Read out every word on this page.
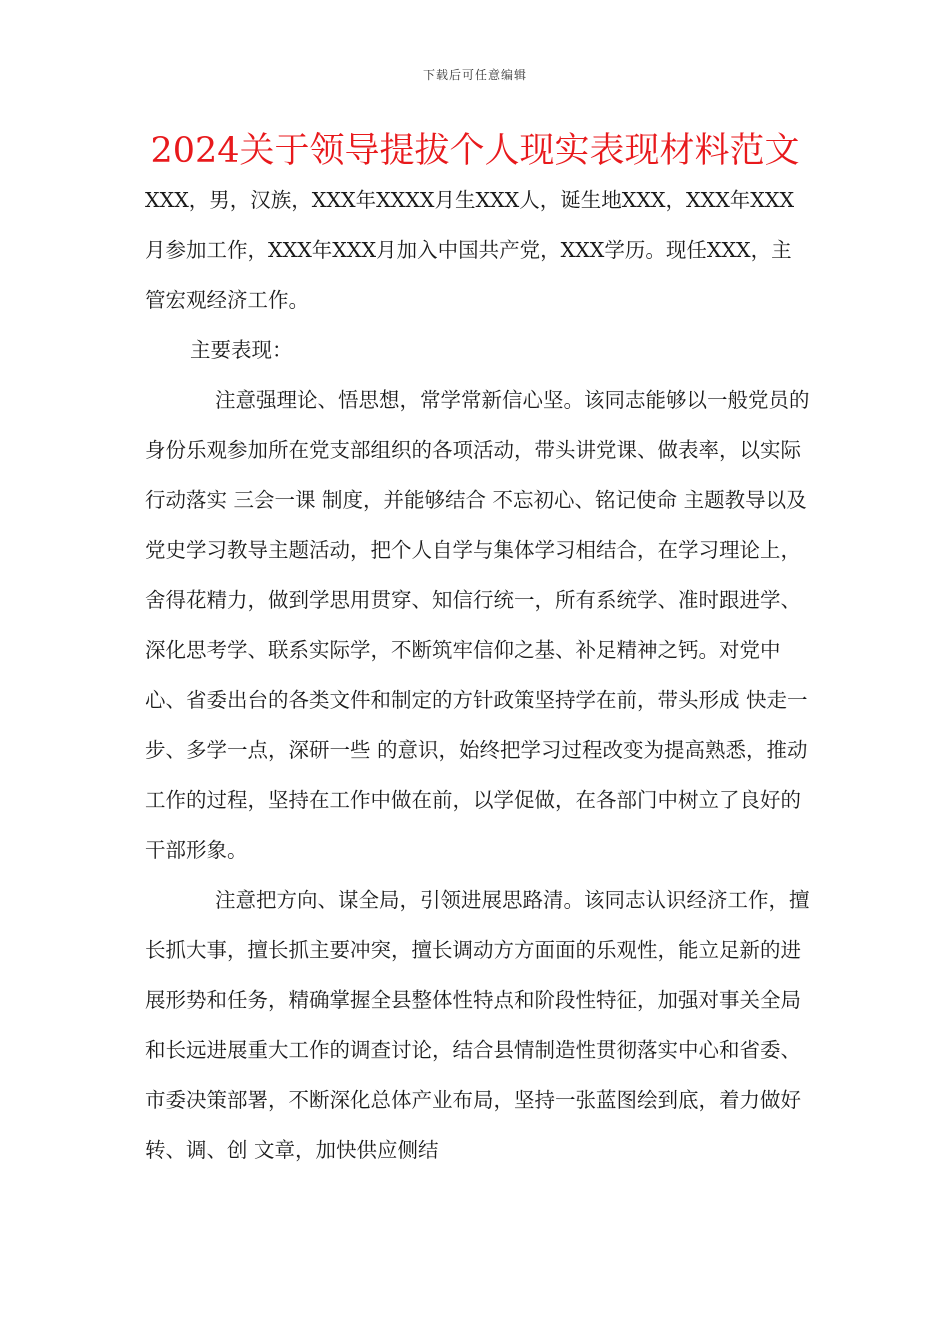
下载后可任意编辑
2024关于领导提拔个人现实表现材料范文

XXX，男，汉族，XXX年XXXX月生XXX人，诞生地XXX，XXX年XXX月参加工作，XXX年XXX月加入中国共产党，XXX学历。现任XXX，主管宏观经济工作。

主要表现：

注意强理论、悟思想，常学常新信心坚。该同志能够以一般党员的身份乐观参加所在党支部组织的各项活动，带头讲党课、做表率，以实际行动落实 三会一课 制度，并能够结合 不忘初心、铭记使命 主题教导以及党史学习教导主题活动，把个人自学与集体学习相结合，在学习理论上，舍得花精力，做到学思用贯穿、知信行统一，所有系统学、准时跟进学、深化思考学、联系实际学，不断筑牢信仰之基、补足精神之钙。对党中心、省委出台的各类文件和制定的方针政策坚持学在前，带头形成 快走一步、多学一点，深研一些 的意识，始终把学习过程改变为提高熟悉，推动工作的过程，坚持在工作中做在前，以学促做，在各部门中树立了良好的干部形象。

注意把方向、谋全局，引领进展思路清。该同志认识经济工作，擅长抓大事，擅长抓主要冲突，擅长调动方方面面的乐观性，能立足新的进展形势和任务，精确掌握全县整体性特点和阶段性特征，加强对事关全局和长远进展重大工作的调查讨论，结合县情制造性贯彻落实中心和省委、市委决策部署，不断深化总体产业布局，坚持一张蓝图绘到底，着力做好 转、调、创 文章，加快供应侧结
